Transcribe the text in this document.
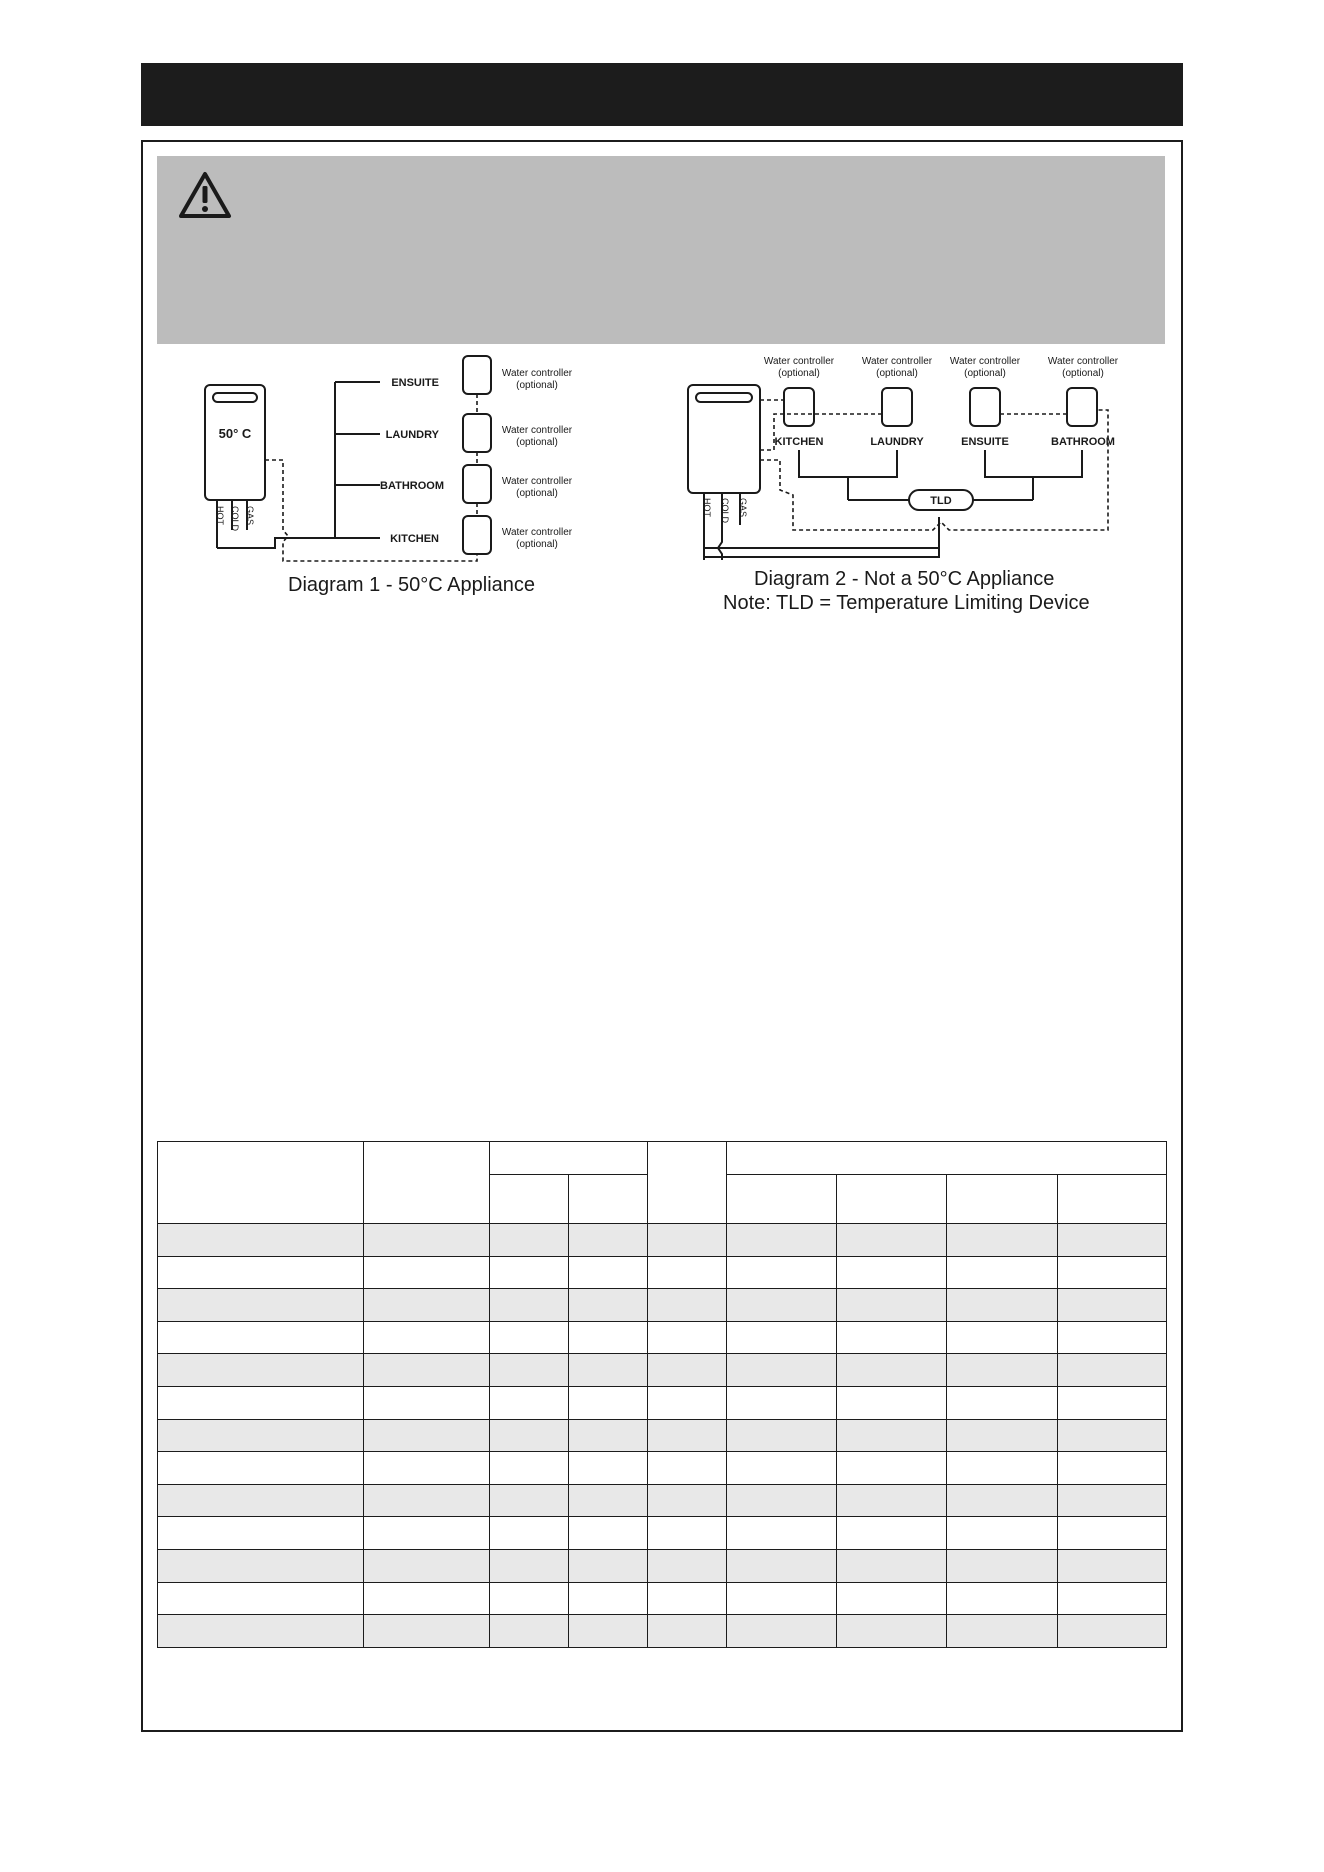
50° C
HOT COLD GAS
ENSUITE
LAUNDRY
BATHROOM
KITCHEN
Water controller
(optional)
Water controller
(optional)
Water controller
(optional)
Water controller
(optional)
Diagram 1 - 50°C Appliance
HOT COLD GAS
Water controller
(optional)
Water controller
(optional)
Water controller
(optional)
Water controller
(optional)
KITCHEN	LAUNDRY	ENSUITE	BATHROOM
TLD
Diagram 2 - Not a 50°C Appliance
Note: TLD = Temperature Limiting Device
